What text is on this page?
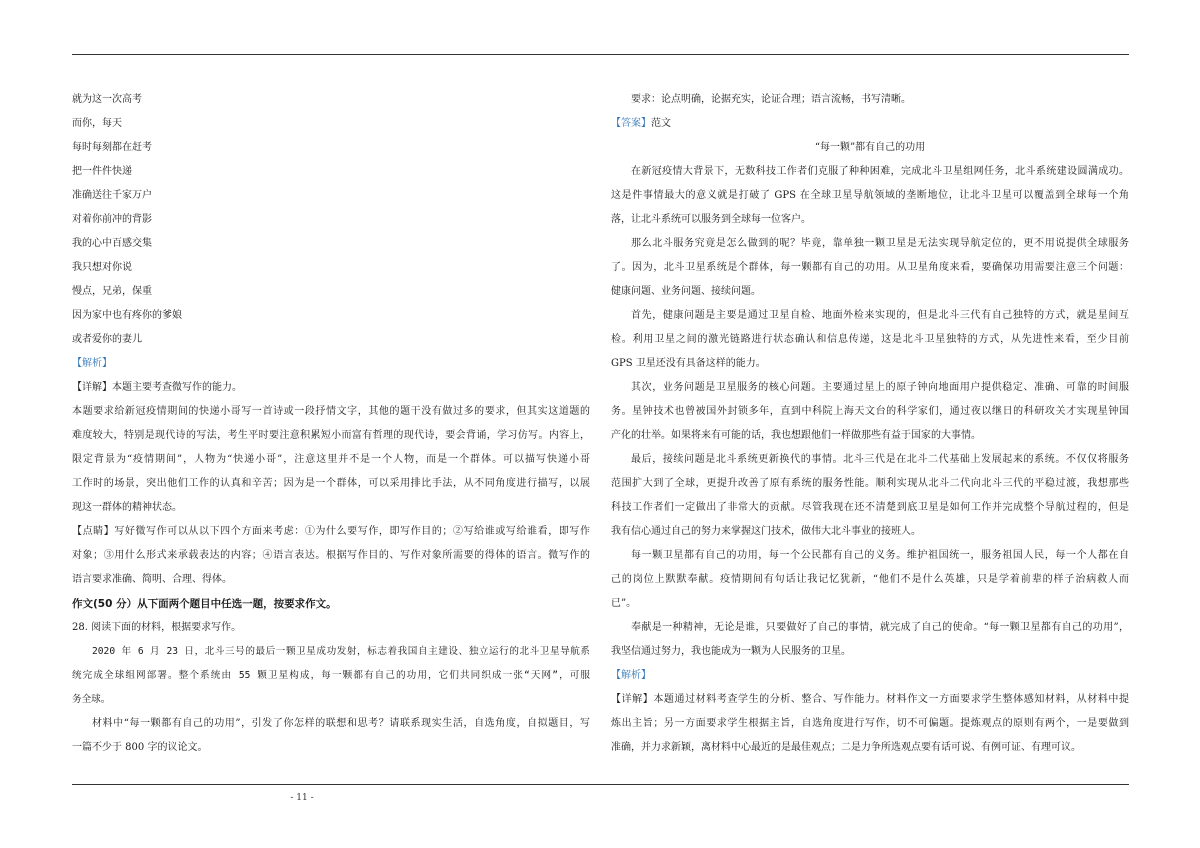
就为这一次高考
而你，每天
每时每刻都在赶考
把一件件快递
准确送往千家万户
对着你前冲的背影
我的心中百感交集
我只想对你说
慢点，兄弟，保重
因为家中也有疼你的爹娘
或者爱你的妻儿
【解析】
【详解】本题主要考查微写作的能力。
本题要求给新冠疫情期间的快递小哥写一首诗或一段抒情文字，其他的题干没有做过多的要求，但其实这道题的
难度较大，特别是现代诗的写法，考生平时要注意积累短小而富有哲理的现代诗，要会背诵，学习仿写。内容上，
限定背景为“疫情期间”，人物为“快递小哥”，注意这里并不是一个人物，而是一个群体。可以描写快递小哥
工作时的场景，突出他们工作的认真和辛苦；因为是一个群体，可以采用排比手法，从不同角度进行描写，以展
现这一群体的精神状态。
【点睛】写好微写作可以从以下四个方面来考虑：①为什么要写作，即写作目的；②写给谁或写给谁看，即写作
对象；③用什么形式来承载表达的内容；④语言表达。根据写作目的、写作对象所需要的得体的语言。微写作的
语言要求准确、简明、合理、得体。
作文(50 分）从下面两个题目中任选一题，按要求作文。
28. 阅读下面的材料，根据要求写作。
2020 年 6 月 23 日，北斗三号的最后一颗卫星成功发射，标志着我国自主建设、独立运行的北斗卫星导航系
统完成全球组网部署。整个系统由 55 颗卫星构成，每一颗都有自己的功用，它们共同织成一张“天网”，可服
务全球。
材料中“每一颗都有自己的功用”，引发了你怎样的联想和思考？请联系现实生活，自选角度，自拟题目，写
一篇不少于 800 字的议论文。
要求：论点明确，论据充实，论证合理；语言流畅，书写清晰。
【答案】范文
“每一颗”都有自己的功用
在新冠疫情大背景下，无数科技工作者们克服了种种困难，完成北斗卫星组网任务，北斗系统建设圆满成功。
这是件事情最大的意义就是打破了 GPS 在全球卫星导航领域的垄断地位，让北斗卫星可以覆盖到全球每一个角
落，让北斗系统可以服务到全球每一位客户。
那么北斗服务究竟是怎么做到的呢？毕竟，靠单独一颗卫星是无法实现导航定位的，更不用说提供全球服务
了。因为，北斗卫星系统是个群体，每一颗都有自己的功用。从卫星角度来看，要确保功用需要注意三个问题：
健康问题、业务问题、接续问题。
首先，健康问题是主要是通过卫星自检、地面外检来实现的，但是北斗三代有自己独特的方式，就是星间互
检。利用卫星之间的激光链路进行状态确认和信息传递，这是北斗卫星独特的方式，从先进性来看，至少目前
GPS 卫星还没有具备这样的能力。
其次，业务问题是卫星服务的核心问题。主要通过星上的原子钟向地面用户提供稳定、准确、可靠的时间服
务。星钟技术也曾被国外封锁多年，直到中科院上海天文台的科学家们，通过夜以继日的科研攻关才实现星钟国
产化的壮举。如果将来有可能的话，我也想跟他们一样做那些有益于国家的大事情。
最后，接续问题是北斗系统更新换代的事情。北斗三代是在北斗二代基础上发展起来的系统。不仅仅将服务
范围扩大到了全球，更提升改善了原有系统的服务性能。顺利实现从北斗二代向北斗三代的平稳过渡，我想那些
科技工作者们一定做出了非常大的贡献。尽管我现在还不清楚到底卫星是如何工作并完成整个导航过程的，但是
我有信心通过自己的努力来掌握这门技术，做伟大北斗事业的接班人。
每一颗卫星都有自己的功用，每一个公民都有自己的义务。维护祖国统一，服务祖国人民，每一个人都在自
己的岗位上默默奉献。疫情期间有句话让我记忆犹新，“他们不是什么英雄，只是学着前辈的样子治病救人而
已”。
奉献是一种精神，无论是谁，只要做好了自己的事情，就完成了自己的使命。“每一颗卫星都有自己的功用”，
我坚信通过努力，我也能成为一颗为人民服务的卫星。
【解析】
【详解】本题通过材料考查学生的分析、整合、写作能力。材料作文一方面要求学生整体感知材料，从材料中提
炼出主旨；另一方面要求学生根据主旨，自选角度进行写作，切不可偏题。提炼观点的原则有两个，一是要做到
准确，并力求新颖，离材料中心最近的是最佳观点；二是力争所选观点要有话可说、有例可证、有理可议。
- 11 -
